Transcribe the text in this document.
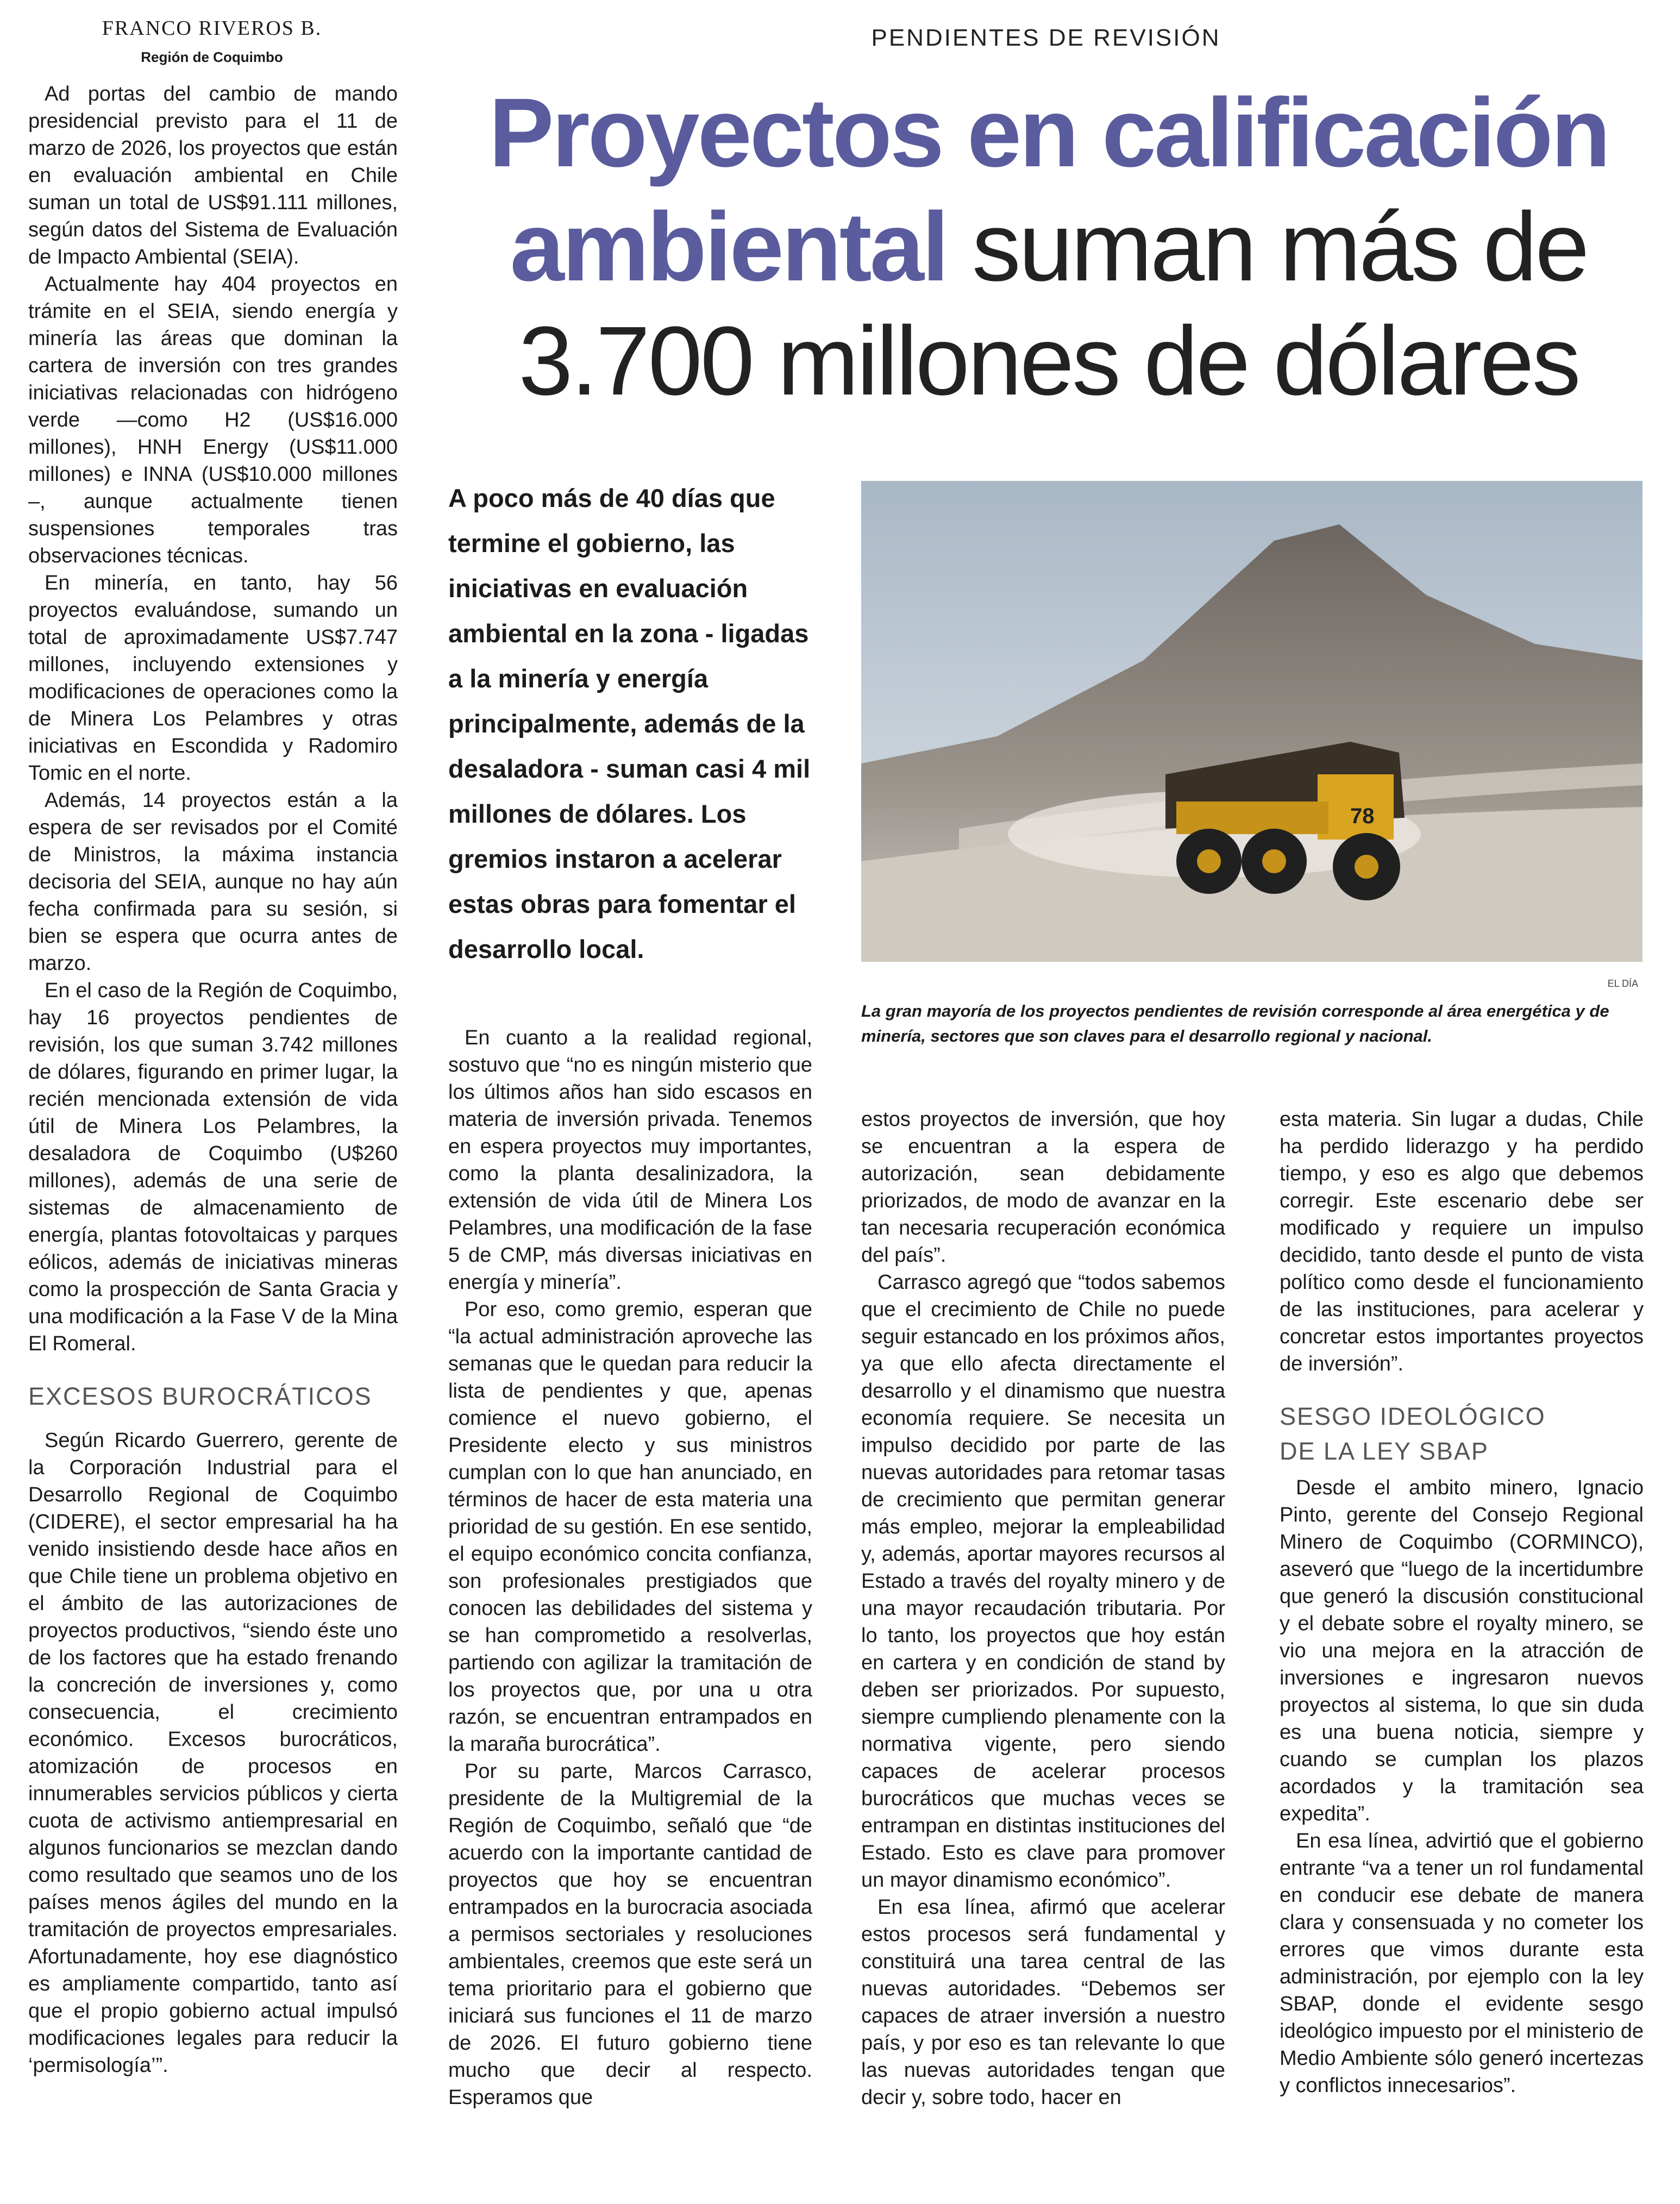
FRANCO RIVEROS B.
Región de Coquimbo
PENDIENTES DE REVISIÓN
Proyectos en calificación
ambiental suman más de
3.700 millones de dólares
A poco más de 40 días que termine el gobierno, las iniciativas en evaluación ambiental en la zona - ligadas a la minería y energía principalmente, además de la desaladora - suman casi 4 mil millones de dólares. Los gremios instaron a acelerar estas obras para fomentar el desarrollo local.
78
EL DÍA
La gran mayoría de los proyectos pendientes de revisión corresponde al área energética y de minería, sectores que son claves para el desarrollo regional y nacional.

Ad portas del cambio de mando presidencial previsto para el 11 de marzo de 2026, los proyectos que están en evaluación ambiental en Chile suman un total de US$91.111 millones, según datos del Sistema de Evaluación de Impacto Ambiental (SEIA).

Actualmente hay 404 proyectos en trámite en el SEIA, siendo energía y minería las áreas que dominan la cartera de inversión con tres grandes iniciativas relacionadas con hidrógeno verde —como H2 (US$16.000 millones), HNH Energy (US$11.000 millones) e INNA (US$10.000 millones –, aunque actualmente tienen suspensiones temporales tras observaciones técnicas.

En minería, en tanto, hay 56 proyectos evaluándose, sumando un total de aproximadamente US$7.747 millones, incluyendo extensiones y modificaciones de operaciones como la de Minera Los Pelambres y otras iniciativas en Escondida y Radomiro Tomic en el norte.

Además, 14 proyectos están a la espera de ser revisados por el Comité de Ministros, la máxima instancia decisoria del SEIA, aunque no hay aún fecha confirmada para su sesión, si bien se espera que ocurra antes de marzo.

En el caso de la Región de Coquimbo, hay 16 proyectos pendientes de revisión, los que suman 3.742 millones de dólares, figurando en primer lugar, la recién mencionada extensión de vida útil de Minera Los Pelambres, la desaladora de Coquimbo (U$260 millones), además de una serie de sistemas de almacenamiento de energía, plantas fotovoltaicas y parques eólicos, además de iniciativas mineras como la prospección de Santa Gracia y una modificación a la Fase V de la Mina El Romeral.

EXCESOS BUROCRÁTICOS

Según Ricardo Guerrero, gerente de la Corporación Industrial para el Desarrollo Regional de Coquimbo (CIDERE), el sector empresarial ha ha venido insistiendo desde hace años en que Chile tiene un problema objetivo en el ámbito de las autorizaciones de proyectos productivos, “siendo éste uno de los factores que ha estado frenando la concreción de inversiones y, como consecuencia, el crecimiento económico. Excesos burocráticos, atomización de procesos en innumerables servicios públicos y cierta cuota de activismo antiempresarial en algunos funcionarios se mezclan dando como resultado que seamos uno de los países menos ágiles del mundo en la tramitación de proyectos empresariales. Afortunadamente, hoy ese diagnóstico es ampliamente compartido, tanto así que el propio gobierno actual impulsó modificaciones legales para reducir la ‘permisología’”.

En cuanto a la realidad regional, sostuvo que “no es ningún misterio que los últimos años han sido escasos en materia de inversión privada. Tenemos en espera proyectos muy importantes, como la planta desalinizadora, la extensión de vida útil de Minera Los Pelambres, una modificación de la fase 5 de CMP, más diversas iniciativas en energía y minería”.

Por eso, como gremio, esperan que “la actual administración aproveche las semanas que le quedan para reducir la lista de pendientes y que, apenas comience el nuevo gobierno, el Presidente electo y sus ministros cumplan con lo que han anunciado, en términos de hacer de esta materia una prioridad de su gestión. En ese sentido, el equipo económico concita confianza, son profesionales prestigiados que conocen las debilidades del sistema y se han comprometido a resolverlas, partiendo con agilizar la tramitación de los proyectos que, por una u otra razón, se encuentran entrampados en la maraña burocrática”.

Por su parte, Marcos Carrasco, presidente de la Multigremial de la Región de Coquimbo, señaló que “de acuerdo con la importante cantidad de proyectos que hoy se encuentran entrampados en la burocracia asociada a permisos sectoriales y resoluciones ambientales, creemos que este será un tema prioritario para el gobierno que iniciará sus funciones el 11 de marzo de 2026. El futuro gobierno tiene mucho que decir al respecto. Esperamos que

estos proyectos de inversión, que hoy se encuentran a la espera de autorización, sean debidamente priorizados, de modo de avanzar en la tan necesaria recuperación económica del país”.

Carrasco agregó que “todos sabemos que el crecimiento de Chile no puede seguir estancado en los próximos años, ya que ello afecta directamente el desarrollo y el dinamismo que nuestra economía requiere. Se necesita un impulso decidido por parte de las nuevas autoridades para retomar tasas de crecimiento que permitan generar más empleo, mejorar la empleabilidad y, además, aportar mayores recursos al Estado a través del royalty minero y de una mayor recaudación tributaria. Por lo tanto, los proyectos que hoy están en cartera y en condición de stand by deben ser priorizados. Por supuesto, siempre cumpliendo plenamente con la normativa vigente, pero siendo capaces de acelerar procesos burocráticos que muchas veces se entrampan en distintas instituciones del Estado. Esto es clave para promover un mayor dinamismo económico”.

En esa línea, afirmó que acelerar estos procesos será fundamental y constituirá una tarea central de las nuevas autoridades. “Debemos ser capaces de atraer inversión a nuestro país, y por eso es tan relevante lo que las nuevas autoridades tengan que decir y, sobre todo, hacer en

esta materia. Sin lugar a dudas, Chile ha perdido liderazgo y ha perdido tiempo, y eso es algo que debemos corregir. Este escenario debe ser modificado y requiere un impulso decidido, tanto desde el punto de vista político como desde el funcionamiento de las instituciones, para acelerar y concretar estos importantes proyectos de inversión”.

SESGO IDEOLÓGICO
DE LA LEY SBAP

Desde el ambito minero, Ignacio Pinto, gerente del Consejo Regional Minero de Coquimbo (CORMINCO), aseveró que “luego de la incertidumbre que generó la discusión constitucional y el debate sobre el royalty minero, se vio una mejora en la atracción de inversiones e ingresaron nuevos proyectos al sistema, lo que sin duda es una buena noticia, siempre y cuando se cumplan los plazos acordados y la tramitación sea expedita”.

En esa línea, advirtió que el gobierno entrante “va a tener un rol fundamental en conducir ese debate de manera clara y consensuada y no cometer los errores que vimos durante esta administración, por ejemplo con la ley SBAP, donde el evidente sesgo ideológico impuesto por el ministerio de Medio Ambiente sólo generó incertezas y conflictos innecesarios”.
